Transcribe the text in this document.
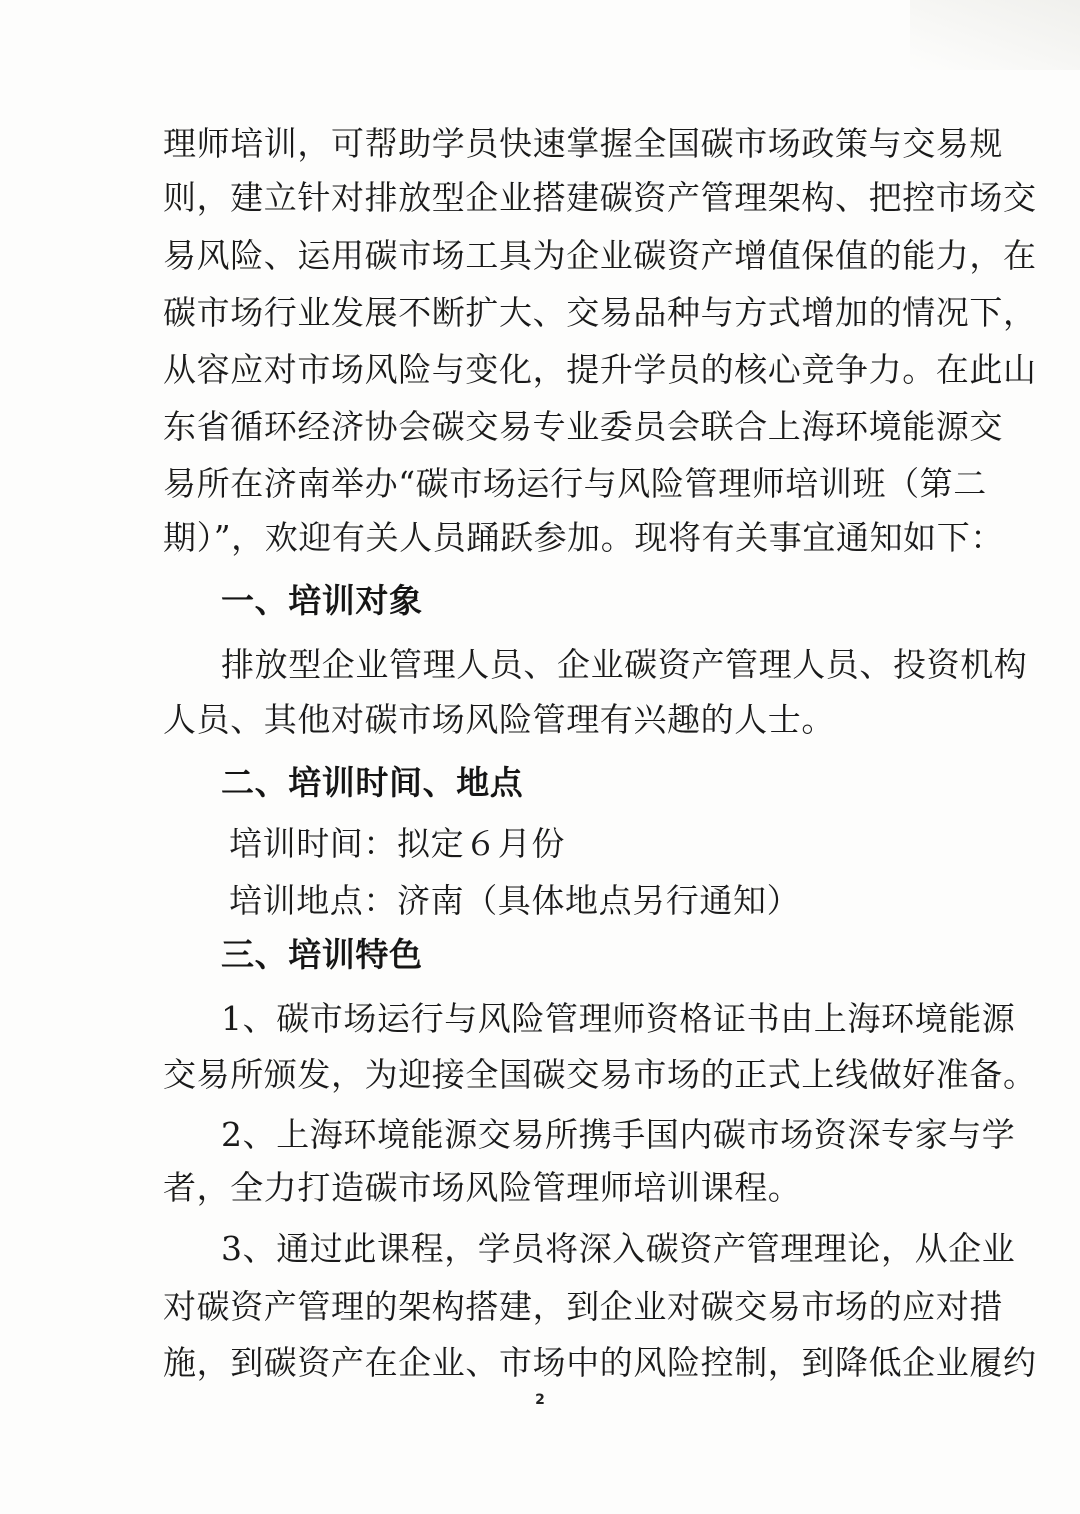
理师培训，可帮助学员快速掌握全国碳市场政策与交易规
则，建立针对排放型企业搭建碳资产管理架构、把控市场交
易风险、运用碳市场工具为企业碳资产增值保值的能力，在
碳市场行业发展不断扩大、交易品种与方式增加的情况下，
从容应对市场风险与变化，提升学员的核心竞争力。在此山
东省循环经济协会碳交易专业委员会联合上海环境能源交
易所在济南举办“碳市场运行与风险管理师培训班（第二
期）”，欢迎有关人员踊跃参加。现将有关事宜通知如下：
一、培训对象
排放型企业管理人员、企业碳资产管理人员、投资机构
人员、其他对碳市场风险管理有兴趣的人士。
二、培训时间、地点
培训时间：拟定６月份
培训地点：济南（具体地点另行通知）
三、培训特色
1、碳市场运行与风险管理师资格证书由上海环境能源
交易所颁发，为迎接全国碳交易市场的正式上线做好准备。
2、上海环境能源交易所携手国内碳市场资深专家与学
者，全力打造碳市场风险管理师培训课程。
3、通过此课程，学员将深入碳资产管理理论，从企业
对碳资产管理的架构搭建，到企业对碳交易市场的应对措
施，到碳资产在企业、市场中的风险控制，到降低企业履约
2
